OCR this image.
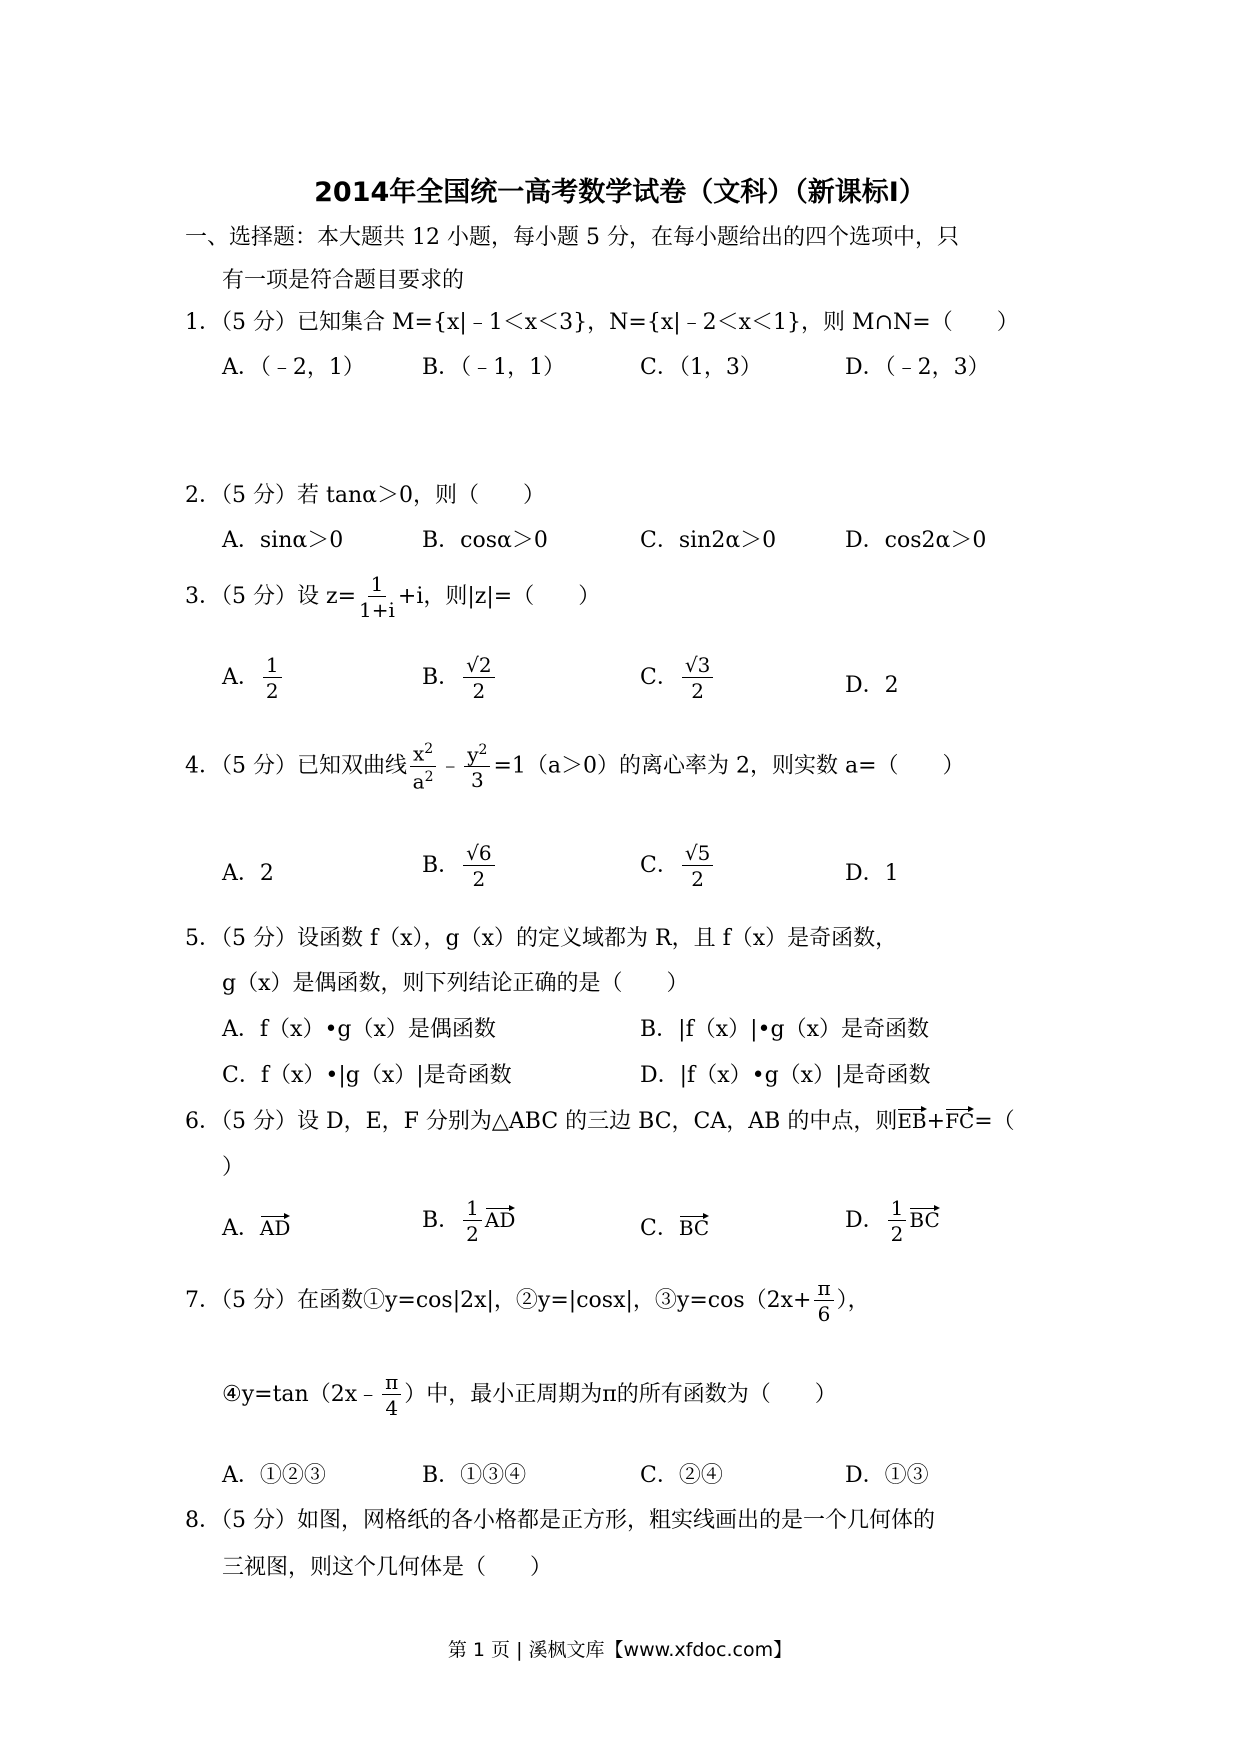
2014年全国统一高考数学试卷（文科）（新课标Ⅰ）
一、选择题：本大题共 12 小题，每小题 5 分，在每小题给出的四个选项中，只
有一项是符合题目要求的
1．（5 分）已知集合 M={x|﹣1＜x＜3}，N={x|﹣2＜x＜1}，则 M∩N=（　　）
A．（﹣2，1）	B．（﹣1，1）	C．（1，3）	D．（﹣2，3）
2．（5 分）若 tanα＞0，则（　　）
A．sinα＞0	B．cosα＞0	C．sin2α＞0	D．cos2α＞0
3．（5 分）设 $z= \frac{1}{1+i} +i$，则|z|=（　　）
A． $\frac{1}{2}$	B． $\frac{√2}{2}$	C． $\frac{√3}{2}$	D．2
4．（5 分）已知双曲线 $\frac{x^2}{a^2}$ ﹣ $\frac{y^2}{3} =1(a>0)$的离心率为 2，则实数 a=（　　）
A．2	B． $\frac{√6}{2}$	C． $\frac{√5}{2}$	D．1
5．（5 分）设函数 f（x），g（x）的定义域都为 R，且 f（x）是奇函数，
g（x）是偶函数，则下列结论正确的是（　　）
A．f（x）•g（x）是偶函数	B．|f（x）|•g（x）是奇函数
C．f（x）•|g（x）|是奇函数	D．|f（x）•g（x）|是奇函数
6．（5 分）设 D，E，F 分别为△ABC 的三边 BC，CA，AB 的中点，则EB+FC=（
）
A．AD	B． $\frac{1}{2}$ AD	C．BC	D． $\frac{1}{2}$ BC
7．（5 分）在函数①y=cos|2x|，②y=|cosx|，③y=cos（2x+ $\frac{\pi}{6}$ ），
④y=tan（2x﹣ $\frac{\pi}{4}$ ）中，最小正周期为π的所有函数为（　　）
A．①②③	B．①③④	C．②④	D．①③
8．（5 分）如图，网格纸的各小格都是正方形，粗实线画出的是一个几何体的
三视图，则这个几何体是（　　）
第 1 页 | 溪枫文库【www.xfdoc.com】
